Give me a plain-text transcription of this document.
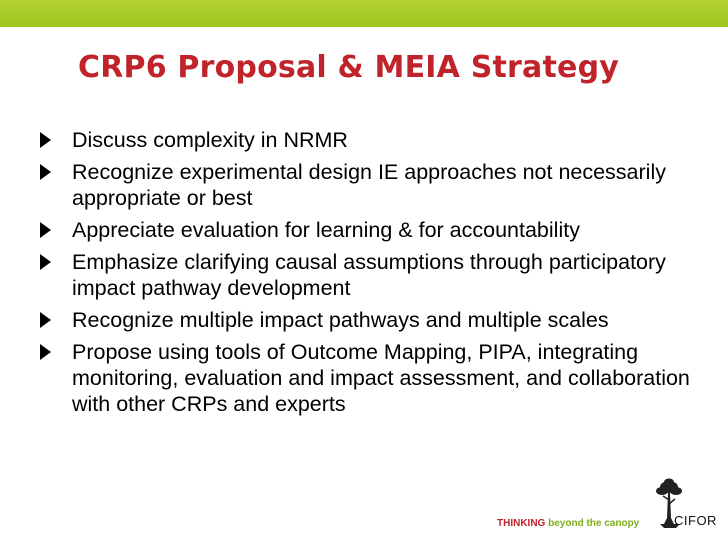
CRP6 Proposal & MEIA Strategy
Discuss complexity in NRMR
Recognize experimental design IE approaches not necessarily appropriate or best
Appreciate evaluation for learning & for accountability
Emphasize clarifying causal assumptions through participatory impact pathway development
Recognize multiple impact pathways and multiple scales
Propose using tools of Outcome Mapping, PIPA, integrating monitoring, evaluation and impact assessment, and collaboration with other CRPs and experts
THINKING beyond the canopy	CIFOR
